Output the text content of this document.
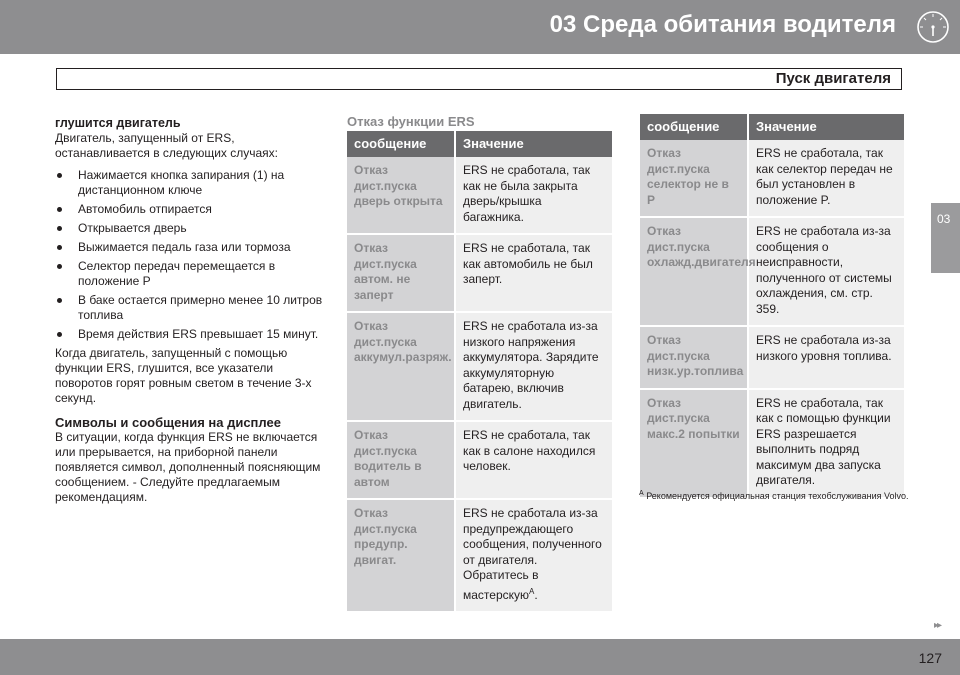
03 Среда обитания водителя
Пуск двигателя
03
глушится двигатель

Двигатель, запущенный от ERS, останавливается в следующих случаях:

Нажимается кнопка запирания (1) на дистанционном ключе
Автомобиль отпирается
Открывается дверь
Выжимается педаль газа или тормоза
Селектор передач перемещается в положение P
В баке остается примерно менее 10 литров топлива
Время действия ERS превышает 15 минут.

Когда двигатель, запущенный с помощью функции ERS, глушится, все указатели поворотов горят ровным светом в течение 3-х секунд.

Символы и сообщения на дисплее

В ситуации, когда функция ERS не включается или прерывается, на приборной панели появляется символ, дополненный поясняющим сообщением. - Следуйте предлагаемым рекомендациям.

Отказ функции ERS
сообщение	Значение
Отказ дист.пуска дверь открыта	ERS не сработала, так как не была закрыта дверь/крышка багажника.
Отказ дист.пуска автом. не заперт	ERS не сработала, так как автомобиль не был заперт.
Отказ дист.пуска аккумул.разряж.	ERS не сработала из-за низкого напряжения аккумулятора. Зарядите аккумуляторную батарею, включив двигатель.
Отказ дист.пуска водитель в автом	ERS не сработала, так как в салоне находился человек.
Отказ дист.пуска предупр. двигат.	ERS не сработала из-за предупреждающего сообщения, полученного от двигателя. Обратитесь в мастерскую$^A$.
сообщение	Значение
Отказ дист.пуска селектор не в P	ERS не сработала, так как селектор передач не был установлен в положение P.
Отказ дист.пуска охлажд.двигателя	ERS не сработала из-за сообщения о неисправности, полученного от системы охлаждения, см. стр. 359.
Отказ дист.пуска низк.ур.топлива	ERS не сработала из-за низкого уровня топлива.
Отказ дист.пуска макс.2 попытки	ERS не сработала, так как с помощью функции ERS разрешается выполнить подряд максимум два запуска двигателя.
$^A$ Рекомендуется официальная станция техобслуживания Volvo.
▸▸
127
